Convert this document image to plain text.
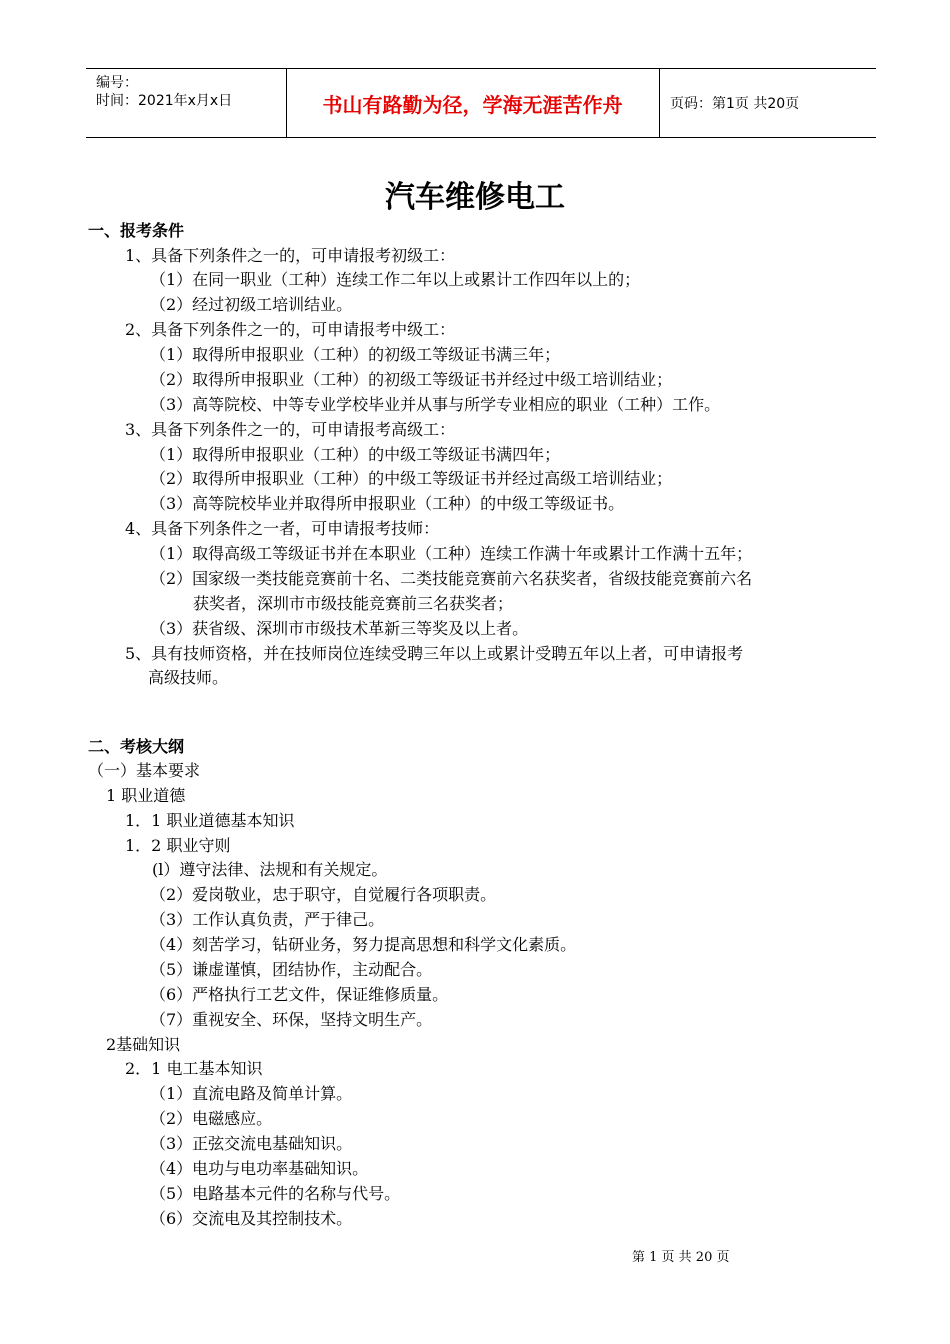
编号：
时间：2021年x月x日	书山有路勤为径，学海无涯苦作舟	页码：第1页 共20页
汽车维修电工
一、报考条件
1、具备下列条件之一的，可申请报考初级工：
（1）在同一职业（工种）连续工作二年以上或累计工作四年以上的；
（2）经过初级工培训结业。
2、具备下列条件之一的，可申请报考中级工：
（1）取得所申报职业（工种）的初级工等级证书满三年；
（2）取得所申报职业（工种）的初级工等级证书并经过中级工培训结业；
（3）高等院校、中等专业学校毕业并从事与所学专业相应的职业（工种）工作。
3、具备下列条件之一的，可申请报考高级工：
（1）取得所申报职业（工种）的中级工等级证书满四年；
（2）取得所申报职业（工种）的中级工等级证书并经过高级工培训结业；
（3）高等院校毕业并取得所申报职业（工种）的中级工等级证书。
4、具备下列条件之一者，可申请报考技师：
（1）取得高级工等级证书并在本职业（工种）连续工作满十年或累计工作满十五年；
（2）国家级一类技能竞赛前十名、二类技能竞赛前六名获奖者，省级技能竞赛前六名
获奖者，深圳市市级技能竞赛前三名获奖者；
（3）获省级、深圳市市级技术革新三等奖及以上者。
5、具有技师资格，并在技师岗位连续受聘三年以上或累计受聘五年以上者，可申请报考
高级技师。
二、考核大纲
（一）基本要求
1 职业道德
1．1 职业道德基本知识
1．2 职业守则
(l）遵守法律、法规和有关规定。
（2）爱岗敬业，忠于职守，自觉履行各项职责。
（3）工作认真负责，严于律己。
（4）刻苦学习，钻研业务，努力提高思想和科学文化素质。
（5）谦虚谨慎，团结协作，主动配合。
（6）严格执行工艺文件，保证维修质量。
（7）重视安全、环保，坚持文明生产。
2基础知识
2．1 电工基本知识
（1）直流电路及简单计算。
（2）电磁感应。
（3）正弦交流电基础知识。
（4）电功与电功率基础知识。
（5）电路基本元件的名称与代号。
（6）交流电及其控制技术。
第 1 页 共 20 页
